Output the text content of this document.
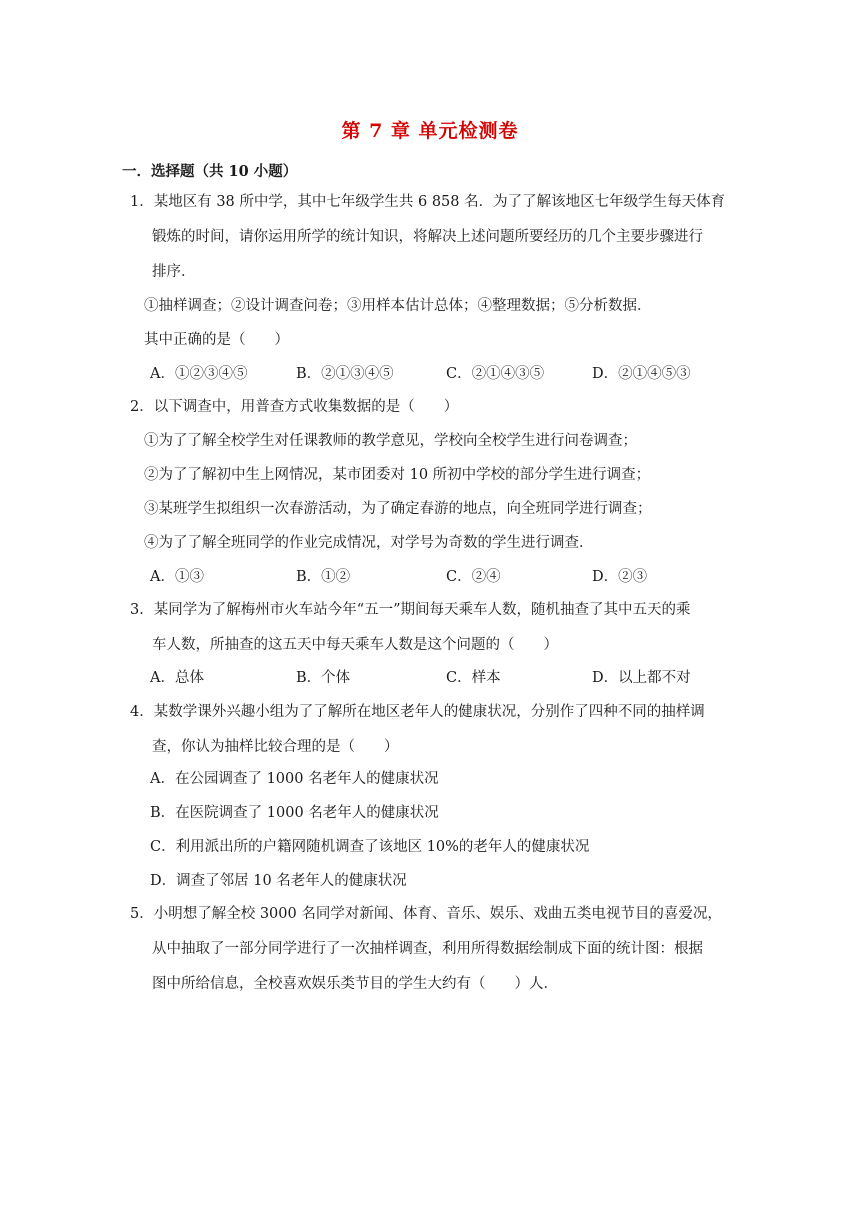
第 7 章 单元检测卷
一．选择题（共 10 小题）
1．某地区有 38 所中学，其中七年级学生共 6 858 名．为了了解该地区七年级学生每天体育
锻炼的时间，请你运用所学的统计知识，将解决上述问题所要经历的几个主要步骤进行
排序．
①抽样调查；②设计调查问卷；③用样本估计总体；④整理数据；⑤分析数据．
其中正确的是（　　）
A．①②③④⑤	B．②①③④⑤	C．②①④③⑤	D．②①④⑤③
2．以下调查中，用普查方式收集数据的是（　　）
①为了了解全校学生对任课教师的教学意见，学校向全校学生进行问卷调查；
②为了了解初中生上网情况，某市团委对 10 所初中学校的部分学生进行调查；
③某班学生拟组织一次春游活动，为了确定春游的地点，向全班同学进行调查；
④为了了解全班同学的作业完成情况，对学号为奇数的学生进行调查．
A．①③	B．①②	C．②④	D．②③
3．某同学为了解梅州市火车站今年“五一”期间每天乘车人数，随机抽查了其中五天的乘
车人数，所抽查的这五天中每天乘车人数是这个问题的（　　）
A．总体	B．个体	C．样本	D．以上都不对
4．某数学课外兴趣小组为了了解所在地区老年人的健康状况，分别作了四种不同的抽样调
查，你认为抽样比较合理的是（　　）
A．在公园调查了 1000 名老年人的健康状况
B．在医院调查了 1000 名老年人的健康状况
C．利用派出所的户籍网随机调查了该地区 10%的老年人的健康状况
D．调查了邻居 10 名老年人的健康状况
5．小明想了解全校 3000 名同学对新闻、体育、音乐、娱乐、戏曲五类电视节目的喜爱况，
从中抽取了一部分同学进行了一次抽样调查，利用所得数据绘制成下面的统计图：根据
图中所给信息，全校喜欢娱乐类节目的学生大约有（　　）人．
